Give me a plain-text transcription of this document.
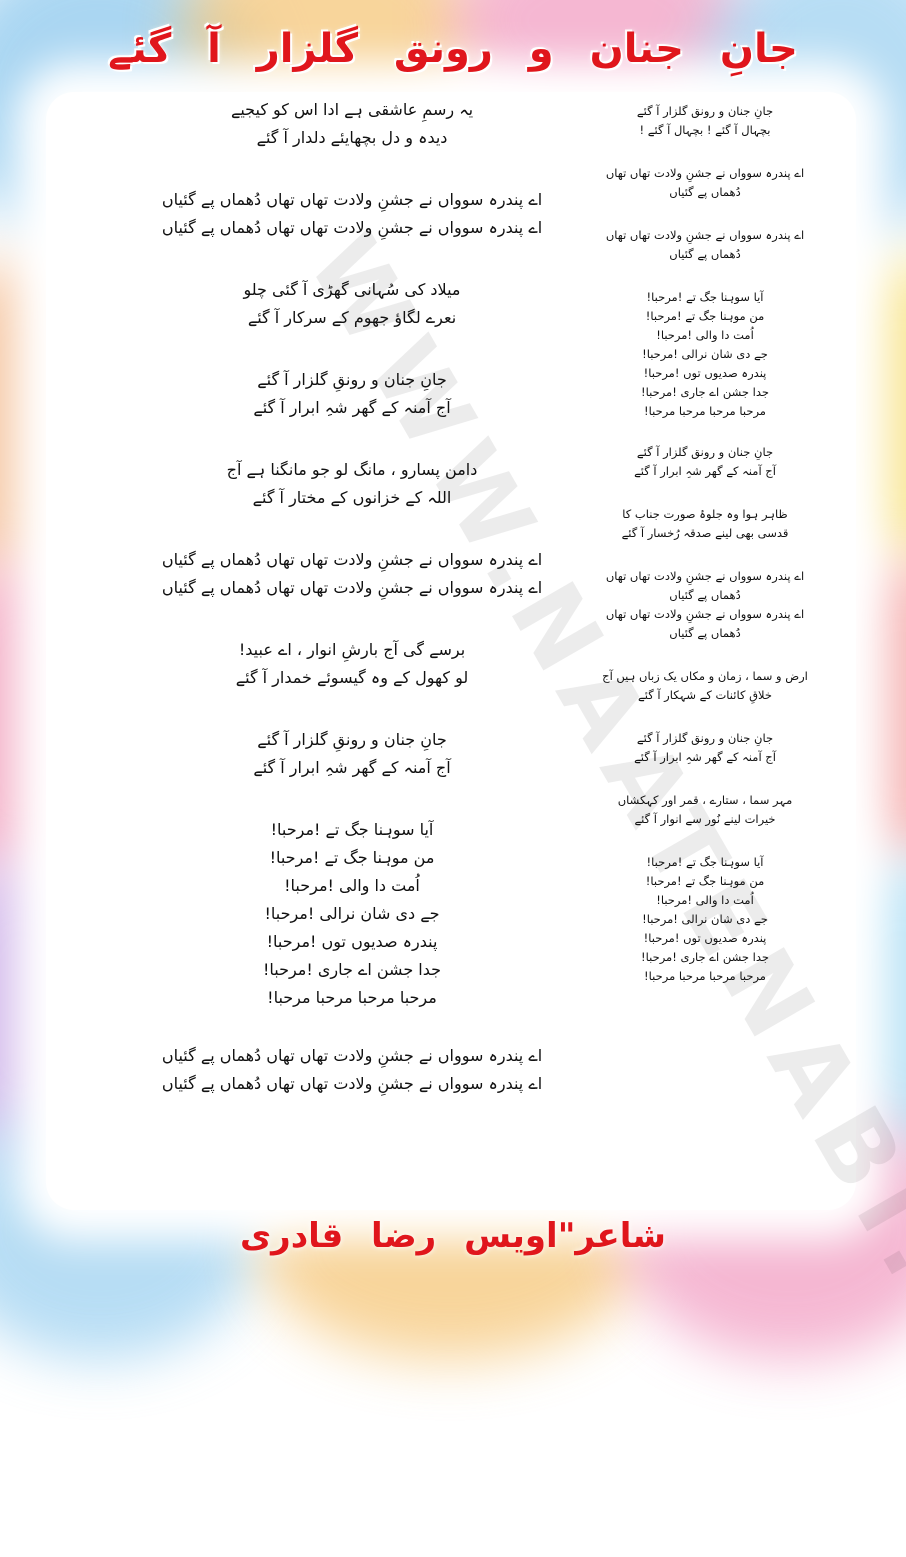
جانِ جنان و رونق گلزار آ گئے
یہ رسمِ عاشقی ہے ادا اس کو کیجیے
دیدہ و دل بچھایئے دلدار آ گئے
اے پندرہ سوواں نے جشنِ ولادت تھاں تھاں دُھماں پے گئیاں
اے پندرہ سوواں نے جشنِ ولادت تھاں تھاں دُھماں پے گئیاں
میلاد کی سُہانی گھڑی آ گئی چلو
نعرے لگاؤ جھوم کے سرکار آ گئے
جانِ جنان و رونقِ گلزار آ گئے
آج آمنہ کے گھر شہِ ابرار آ گئے
دامن پسارو ، مانگ لو جو مانگنا ہے آج
اللہ کے خزانوں کے مختار آ گئے
اے پندرہ سوواں نے جشنِ ولادت تھاں تھاں دُھماں پے گئیاں
اے پندرہ سوواں نے جشنِ ولادت تھاں تھاں دُھماں پے گئیاں
برسے گی آج بارشِ انوار ، اے عبید!
لو کھول کے وہ گیسوئے خمدار آ گئے
جانِ جنان و رونقِ گلزار آ گئے
آج آمنہ کے گھر شہِ ابرار آ گئے
آیا سوہنا جگ تے !مرحبا!
من موہنا جگ تے !مرحبا!
اُمت دا والی !مرحبا!
جے دی شان نرالی !مرحبا!
پندرہ صدیوں توں !مرحبا!
جدا جشن اے جاری !مرحبا!
مرحبا مرحبا مرحبا مرحبا!
اے پندرہ سوواں نے جشنِ ولادت تھاں تھاں دُھماں پے گئیاں
اے پندرہ سوواں نے جشنِ ولادت تھاں تھاں دُھماں پے گئیاں
جانِ جنان و رونق گلزار آ گئے
بچہال آ گئے ! بچہال آ گئے !
اے پندرہ سوواں نے جشنِ ولادت تھاں تھاں
دُھماں پے گئیاں
اے پندرہ سوواں نے جشنِ ولادت تھاں تھاں
دُھماں پے گئیاں
آیا سوہنا جگ تے !مرحبا!
من موہنا جگ تے !مرحبا!
اُمت دا والی !مرحبا!
جے دی شان نرالی !مرحبا!
پندرہ صدیوں توں !مرحبا!
جدا جشن اے جاری !مرحبا!
مرحبا مرحبا مرحبا مرحبا!
جانِ جنان و رونق گلزار آ گئے
آج آمنہ کے گھر شہِ ابرار آ گئے
ظاہر ہوا وہ جلوۂ صورت جناب کا
قدسی بھی لینے صدقہ رُخسار آ گئے
اے پندرہ سوواں نے جشنِ ولادت تھاں تھاں
دُھماں پے گئیاں
اے پندرہ سوواں نے جشنِ ولادت تھاں تھاں
دُھماں پے گئیاں
ارض و سما ، زمان و مکاں یک زباں ہیں آج
خلاقِ کائنات کے شہکار آ گئے
جانِ جنان و رونق گلزار آ گئے
آج آمنہ کے گھر شہِ ابرار آ گئے
مہر سما ، ستارے ، قمر اور کہکشاں
خیرات لینے نُور سے انوار آ گئے
آیا سوہنا جگ تے !مرحبا!
من موہنا جگ تے !مرحبا!
اُمت دا والی !مرحبا!
جے دی شان نرالی !مرحبا!
پندرہ صدیوں توں !مرحبا!
جدا جشن اے جاری !مرحبا!
مرحبا مرحبا مرحبا مرحبا!
شاعر"اویس رضا قادری
